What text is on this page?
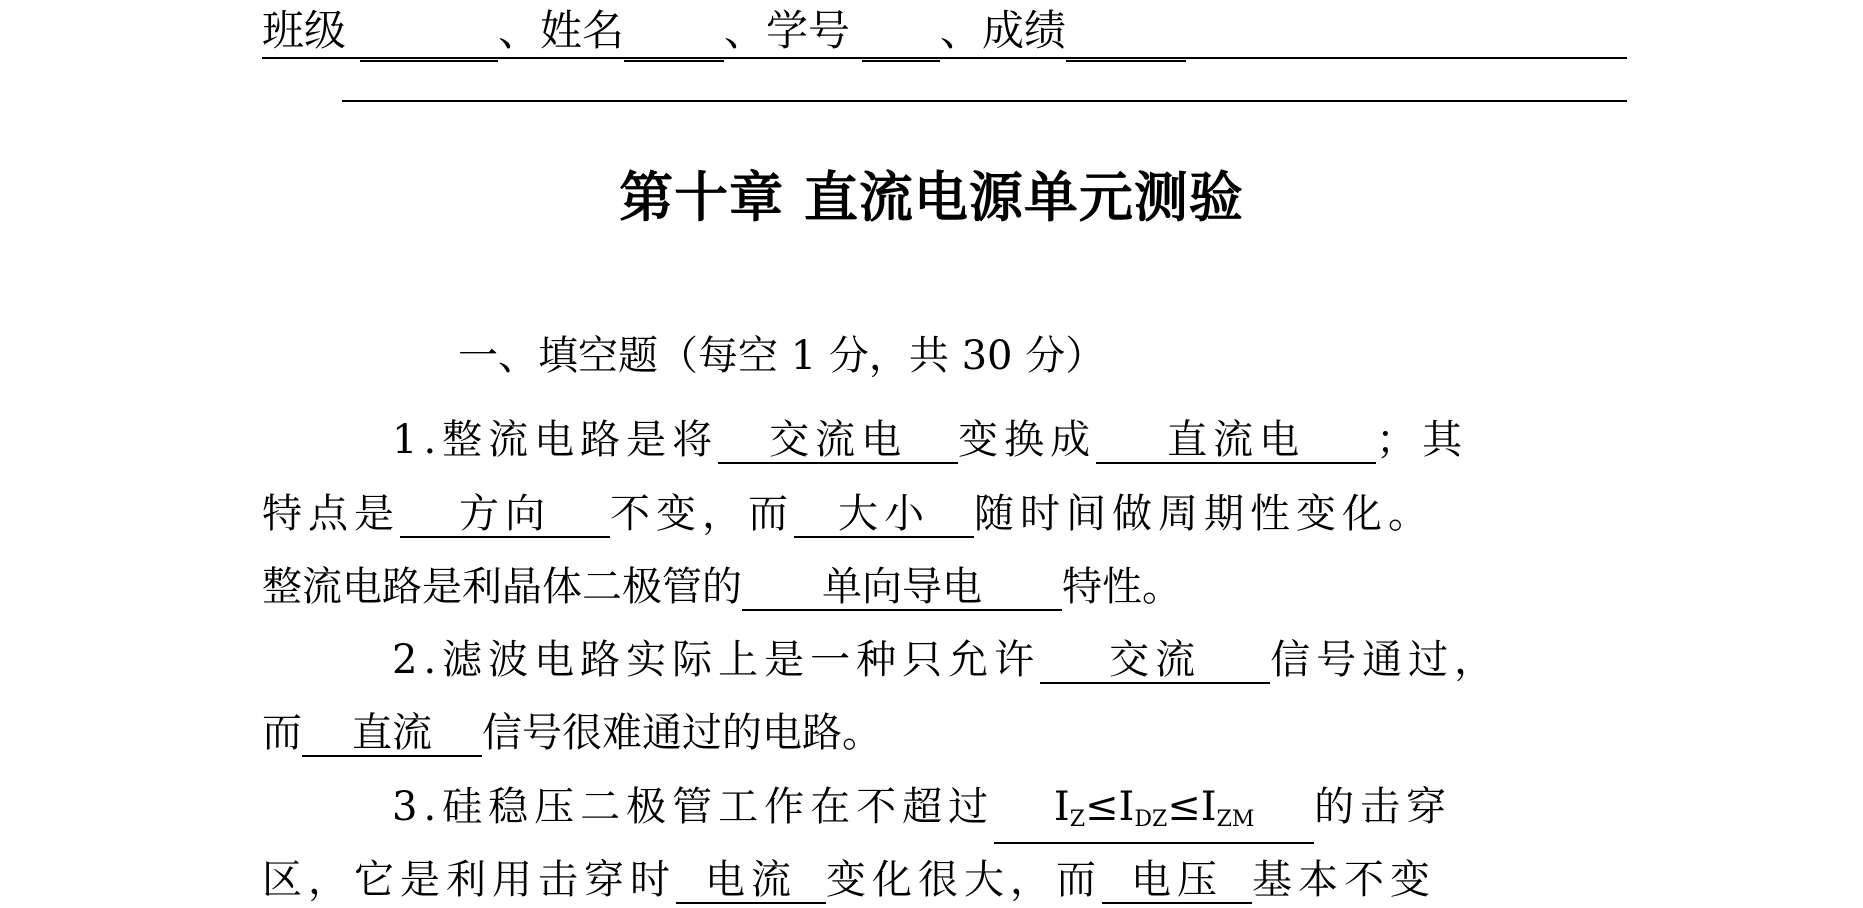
班级	、姓名 、学号 、成绩
第十章 直流电源单元测验
一、填空题（每空 1 分，共 30 分）
1.整流电路是将 交流电 变换成 直流电 ；其
特点是 方向 不变，而 大小 随时间做周期性变化。
整流电路是利晶体二极管的 单向导电 特性。
2.滤波电路实际上是一种只允许 交流 信号通过，
而 直流 信号很难通过的电路。
3.硅稳压二极管工作在不超过 $I_Z\le I_{DZ}\le I_{ZM}$ 的击穿
区，它是利用击穿时 电流 变化很大，而 电压 基本不变
